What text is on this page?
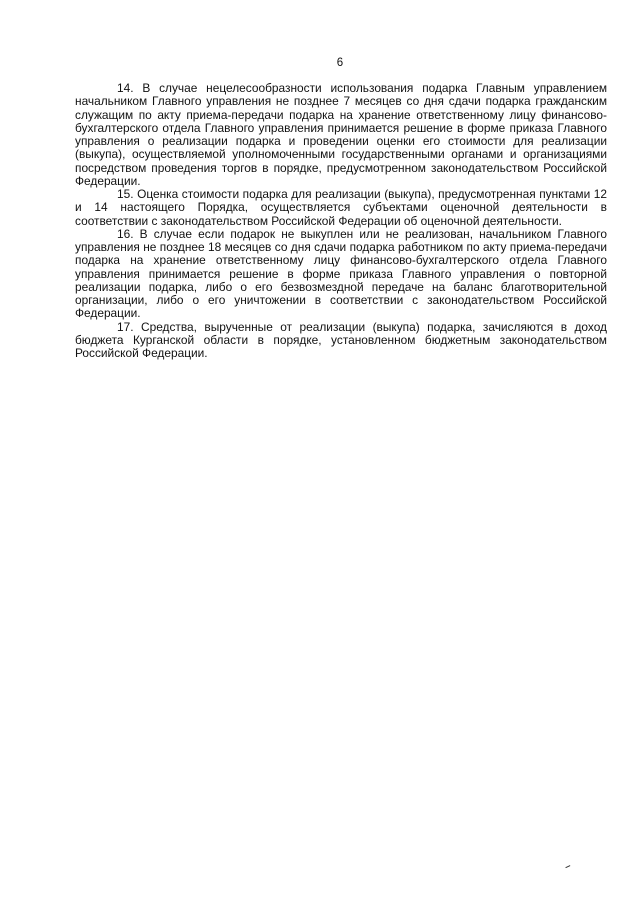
6

14. В случае нецелесообразности использования подарка Главным управлением начальником Главного управления не позднее 7 месяцев со дня сдачи подарка гражданским служащим по акту приема-передачи подарка на хранение ответственному лицу финансово-бухгалтерского отдела Главного управления принимается решение в форме приказа Главного управления о реализации подарка и проведении оценки его стоимости для реализации (выкупа), осуществляемой уполномоченными государственными органами и организациями посредством проведения торгов в порядке, предусмотренном законодательством Российской Федерации.

15. Оценка стоимости подарка для реализации (выкупа), предусмотренная пунктами 12 и 14 настоящего Порядка, осуществляется субъектами оценочной деятельности в соответствии с законодательством Российской Федерации об оценочной деятельности.

16. В случае если подарок не выкуплен или не реализован, начальником Главного управления не позднее 18 месяцев со дня сдачи подарка работником по акту приема-передачи подарка на хранение ответственному лицу финансово-бухгалтерского отдела Главного управления принимается решение в форме приказа Главного управления о повторной реализации подарка, либо о его безвозмездной передаче на баланс благотворительной организации, либо о его уничтожении в соответствии с законодательством Российской Федерации.

17. Средства, вырученные от реализации (выкупа) подарка, зачисляются в доход бюджета Курганской области в порядке, установленном бюджетным законодательством Российской Федерации.
